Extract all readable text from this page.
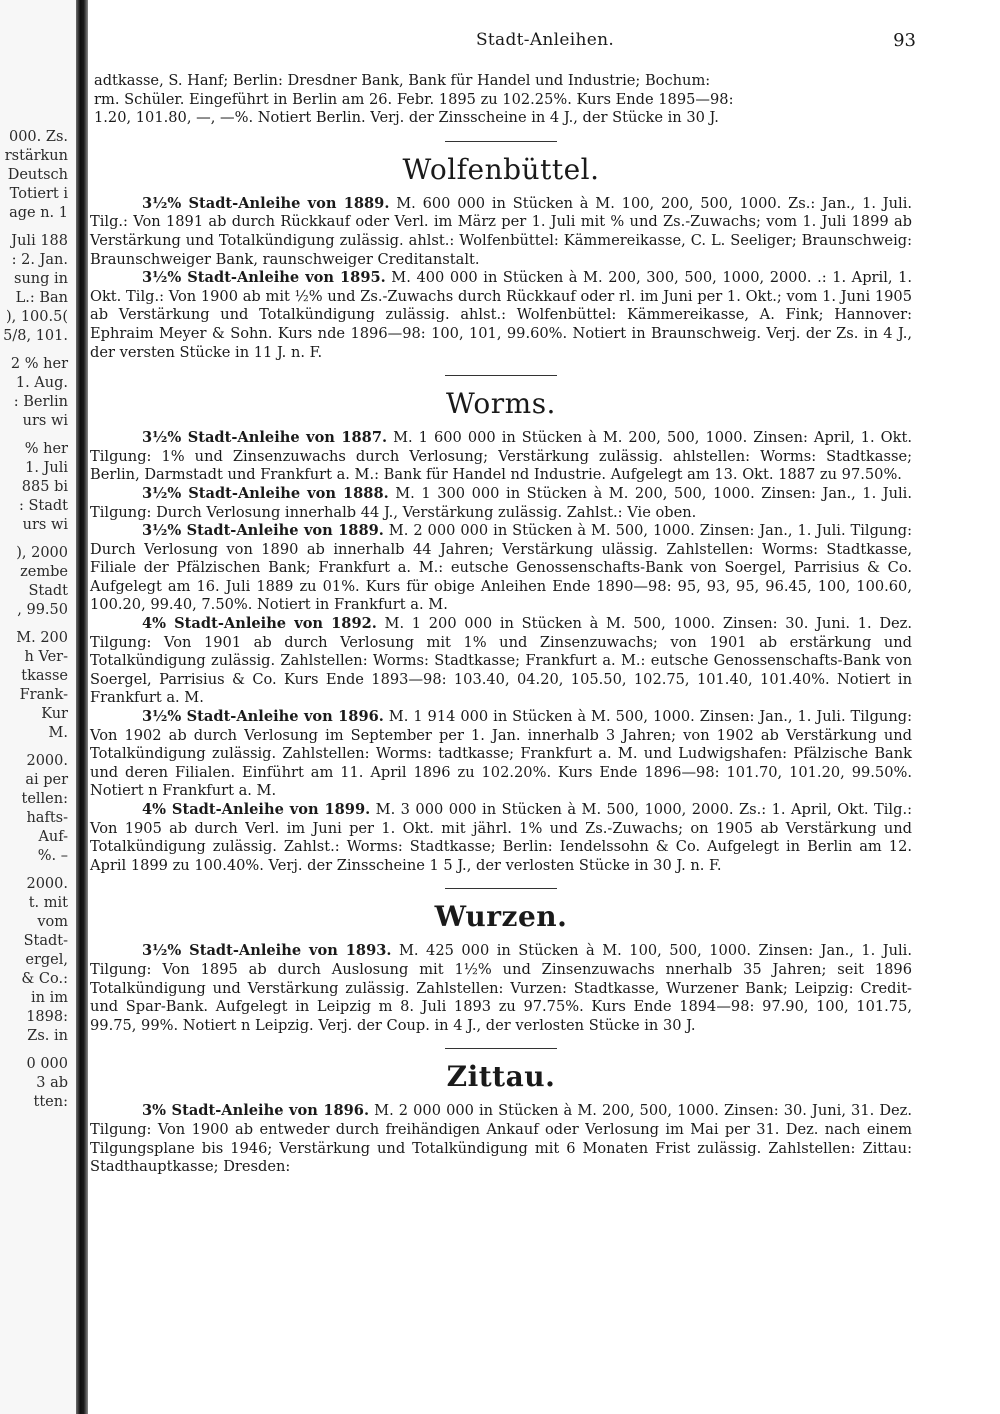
000. Zs.
rstärkun
Deutsch
Totiert i
age n. 1
Juli 188
: 2. Jan.
sung in
L.: Ban
), 100.5(
5/8, 101.
2 % her
1. Aug.
: Berlin
urs wi
% her
1. Juli
885 bi
: Stadt
urs wi
), 2000
zembe
Stadt
, 99.50
M. 200
h Ver-
tkasse
Frank-
Kur
M.
2000.
ai per
tellen:
hafts-
Auf-
%. –
2000.
t. mit
vom
Stadt-
ergel,
& Co.:
in im
1898:
Zs. in
0 000
3 ab
tten:
Stadt-Anleihen.	93

adtkasse, S. Hanf; Berlin: Dresdner Bank, Bank für Handel und Industrie; Bochum:

rm. Schüler. Eingeführt in Berlin am 26. Febr. 1895 zu 102.25%. Kurs Ende 1895—98:

1.20, 101.80, —, —%. Notiert Berlin. Verj. der Zinsscheine in 4 J., der Stücke in 30 J.

Wolfenbüttel.

3½% Stadt-Anleihe von 1889. M. 600 000 in Stücken à M. 100, 200, 500, 1000. Zs.: Jan., 1. Juli. Tilg.: Von 1891 ab durch Rückkauf oder Verl. im März per 1. Juli mit % und Zs.-Zuwachs; vom 1. Juli 1899 ab Verstärkung und Totalkündigung zulässig. ahlst.: Wolfenbüttel: Kämmereikasse, C. L. Seeliger; Braunschweig: Braunschweiger Bank, raunschweiger Creditanstalt.

3½% Stadt-Anleihe von 1895. M. 400 000 in Stücken à M. 200, 300, 500, 1000, 2000. .: 1. April, 1. Okt. Tilg.: Von 1900 ab mit ½% und Zs.-Zuwachs durch Rückkauf oder rl. im Juni per 1. Okt.; vom 1. Juni 1905 ab Verstärkung und Totalkündigung zulässig. ahlst.: Wolfenbüttel: Kämmereikasse, A. Fink; Hannover: Ephraim Meyer & Sohn. Kurs nde 1896—98: 100, 101, 99.60%. Notiert in Braunschweig. Verj. der Zs. in 4 J., der versten Stücke in 11 J. n. F.

Worms.

3½% Stadt-Anleihe von 1887. M. 1 600 000 in Stücken à M. 200, 500, 1000. Zinsen: April, 1. Okt. Tilgung: 1% und Zinsenzuwachs durch Verlosung; Verstärkung zulässig. ahlstellen: Worms: Stadtkasse; Berlin, Darmstadt und Frankfurt a. M.: Bank für Handel nd Industrie. Aufgelegt am 13. Okt. 1887 zu 97.50%.

3½% Stadt-Anleihe von 1888. M. 1 300 000 in Stücken à M. 200, 500, 1000. Zinsen: Jan., 1. Juli. Tilgung: Durch Verlosung innerhalb 44 J., Verstärkung zulässig. Zahlst.: Vie oben.

3½% Stadt-Anleihe von 1889. M. 2 000 000 in Stücken à M. 500, 1000. Zinsen: Jan., 1. Juli. Tilgung: Durch Verlosung von 1890 ab innerhalb 44 Jahren; Verstärkung ulässig. Zahlstellen: Worms: Stadtkasse, Filiale der Pfälzischen Bank; Frankfurt a. M.: eutsche Genossenschafts-Bank von Soergel, Parrisius & Co. Aufgelegt am 16. Juli 1889 zu 01%. Kurs für obige Anleihen Ende 1890—98: 95, 93, 95, 96.45, 100, 100.60, 100.20, 99.40, 7.50%. Notiert in Frankfurt a. M.

4% Stadt-Anleihe von 1892. M. 1 200 000 in Stücken à M. 500, 1000. Zinsen: 30. Juni. 1. Dez. Tilgung: Von 1901 ab durch Verlosung mit 1% und Zinsenzuwachs; von 1901 ab erstärkung und Totalkündigung zulässig. Zahlstellen: Worms: Stadtkasse; Frankfurt a. M.: eutsche Genossenschafts-Bank von Soergel, Parrisius & Co. Kurs Ende 1893—98: 103.40, 04.20, 105.50, 102.75, 101.40, 101.40%. Notiert in Frankfurt a. M.

3½% Stadt-Anleihe von 1896. M. 1 914 000 in Stücken à M. 500, 1000. Zinsen: Jan., 1. Juli. Tilgung: Von 1902 ab durch Verlosung im September per 1. Jan. innerhalb 3 Jahren; von 1902 ab Verstärkung und Totalkündigung zulässig. Zahlstellen: Worms: tadtkasse; Frankfurt a. M. und Ludwigshafen: Pfälzische Bank und deren Filialen. Einführt am 11. April 1896 zu 102.20%. Kurs Ende 1896—98: 101.70, 101.20, 99.50%. Notiert n Frankfurt a. M.

4% Stadt-Anleihe von 1899. M. 3 000 000 in Stücken à M. 500, 1000, 2000. Zs.: 1. April, Okt. Tilg.: Von 1905 ab durch Verl. im Juni per 1. Okt. mit jährl. 1% und Zs.-Zuwachs; on 1905 ab Verstärkung und Totalkündigung zulässig. Zahlst.: Worms: Stadtkasse; Berlin: Iendelssohn & Co. Aufgelegt in Berlin am 12. April 1899 zu 100.40%. Verj. der Zinsscheine 1 5 J., der verlosten Stücke in 30 J. n. F.

Wurzen.

3½% Stadt-Anleihe von 1893. M. 425 000 in Stücken à M. 100, 500, 1000. Zinsen: Jan., 1. Juli. Tilgung: Von 1895 ab durch Auslosung mit 1½% und Zinsenzuwachs nnerhalb 35 Jahren; seit 1896 Totalkündigung und Verstärkung zulässig. Zahlstellen: Vurzen: Stadtkasse, Wurzener Bank; Leipzig: Credit- und Spar-Bank. Aufgelegt in Leipzig m 8. Juli 1893 zu 97.75%. Kurs Ende 1894—98: 97.90, 100, 101.75, 99.75, 99%. Notiert n Leipzig. Verj. der Coup. in 4 J., der verlosten Stücke in 30 J.

Zittau.

3% Stadt-Anleihe von 1896. M. 2 000 000 in Stücken à M. 200, 500, 1000. Zinsen: 30. Juni, 31. Dez. Tilgung: Von 1900 ab entweder durch freihändigen Ankauf oder Verlosung im Mai per 31. Dez. nach einem Tilgungsplane bis 1946; Verstärkung und Totalkündigung mit 6 Monaten Frist zulässig. Zahlstellen: Zittau: Stadthauptkasse; Dresden:
